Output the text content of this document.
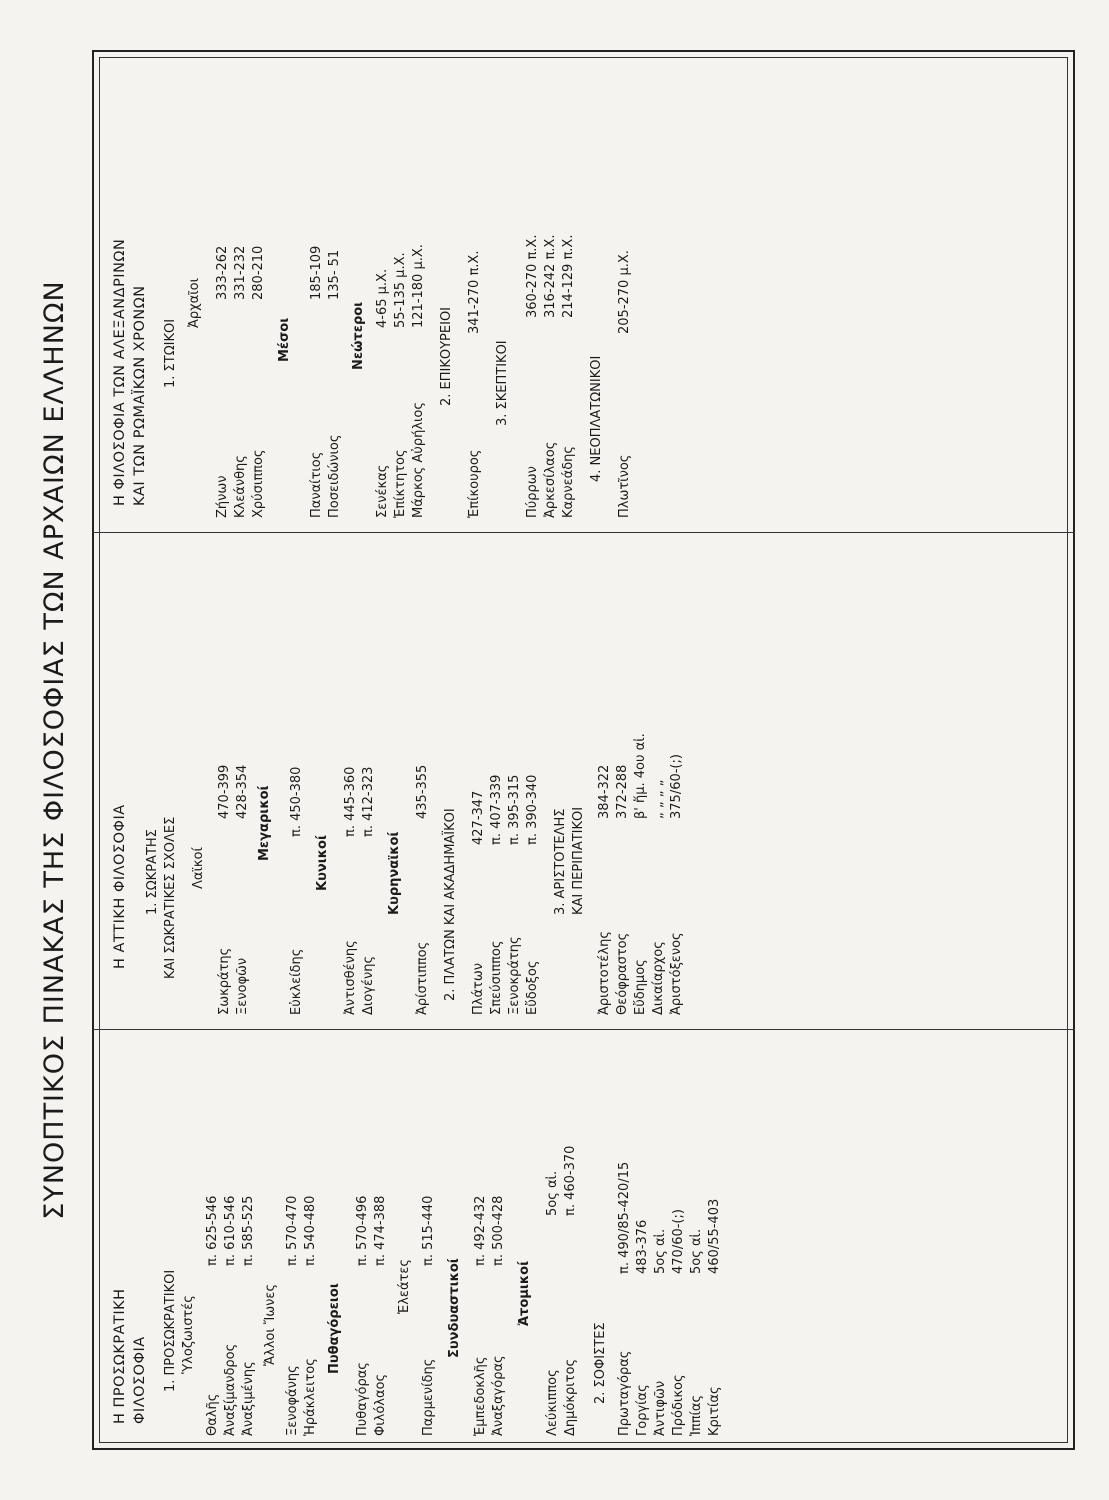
ΣΥΝΟΠΤΙΚΟΣ ΠΙΝΑΚΑΣ ΤΗΣ ΦΙΛΟΣΟΦΙΑΣ ΤΩΝ ΑΡΧΑΙΩΝ ΕΛΛΗΝΩΝ
Η ΠΡΟΣΩΚΡΑΤΙΚΗ ΦΙΛΟΣΟΦΙΑ 1. ΠΡΟΣΩΚΡΑΤΙΚΟΙ Ὑλοζωιστές
Θαλῆς
π. 625-546
Ἀναξίμανδρος
π. 610-546
Ἀναξιμένης
π. 585-525
Ἄλλοι Ἴωνες
Ξενοφάνης
π. 570-470
Ἡράκλειτος
π. 540-480
Πυθαγόρειοι
Πυθαγόρας
π. 570-496
Φιλόλαος
π. 474-388
Ἐλεάτες
Παρμενίδης
π. 515-440
Συνδυαστικοί
Ἐμπεδοκλῆς
π. 492-432
Ἀναξαγόρας
π. 500-428
Ἀτομικοί
Λεύκιππος
5ος αἰ.
Δημόκριτος
π. 460-370
2. ΣΟΦΙΣΤΕΣ Πρωταγόρας
π. 490/85-420/15
Γοργίας
483-376
Ἀντιφῶν
5ος αἰ.
Πρόδικος
470/60-(;)
Ἱππίας
5ος αἰ.
Κριτίας
460/55-403
Η ΑΤΤΙΚΗ ΦΙΛΟΣΟΦΙΑ 1. ΣΩΚΡΑΤΗΣ ΚΑΙ ΣΩΚΡΑΤΙΚΕΣ ΣΧΟΛΕΣ Λαϊκοί
Σωκράτης
470-399
Ξενοφῶν
428-354 Μεγαρικοί
Εὐκλείδης
π. 450-380
Κυνικοί
Ἀντισθένης
π. 445-360
Διογένης
π. 412-323
Κυρηναϊκοί
Ἀρίστιππος
435-355
2. ΠΛΑΤΩΝ ΚΑΙ ΑΚΑΔΗΜΑΪΚΟΙ Πλάτων
427-347
Σπεύσιππος
π. 407-339
Ξενοκράτης
π. 395-315
Εὔδοξος
π. 390-340 3. ΑΡΙΣΤΟΤΕΛΗΣ ΚΑΙ ΠΕΡΙΠΑΤΙΚΟΙ
Ἀριστοτέλης
384-322
Θεόφραστος
372-288
Εὔδημος
β' ἥμ. 4ου αἰ.
Δικαίαρχος
„ „ „ „
Ἀριστόξενος
375/60-(;)
Η ΦΙΛΟΣΟΦΙΑ ΤΩΝ ΑΛΕΞΑΝΔΡΙΝΩΝ ΚΑΙ ΤΩΝ ΡΩΜΑΪΚΩΝ ΧΡΟΝΩΝ 1. ΣΤΩΙΚΟΙ
Ἀρχαῖοι
Ζήνων
333-262
Κλεάνθης
331-232
Χρύσιππος
280-210
Μέσοι
Παναίτιος
185-109
Ποσειδώνιος
135- 51
Νεώτεροι
Σενέκας
4-65 μ.Χ.
Ἐπίκτητος
55-135 μ.Χ.
Μάρκος Αὐρήλιος
121-180 μ.Χ.
2. ΕΠΙΚΟΥΡΕΙΟΙ
Ἐπίκουρος
341-270 π.Χ.
3. ΣΚΕΠΤΙΚΟΙ
Πύρρων
360-270 π.Χ.
Ἀρκεσίλαος
316-242 π.Χ.
Καρνεάδης
214-129 π.Χ.
4. ΝΕΟΠΛΑΤΩΝΙΚΟΙ
Πλωτῖνος
205-270 μ.Χ.
